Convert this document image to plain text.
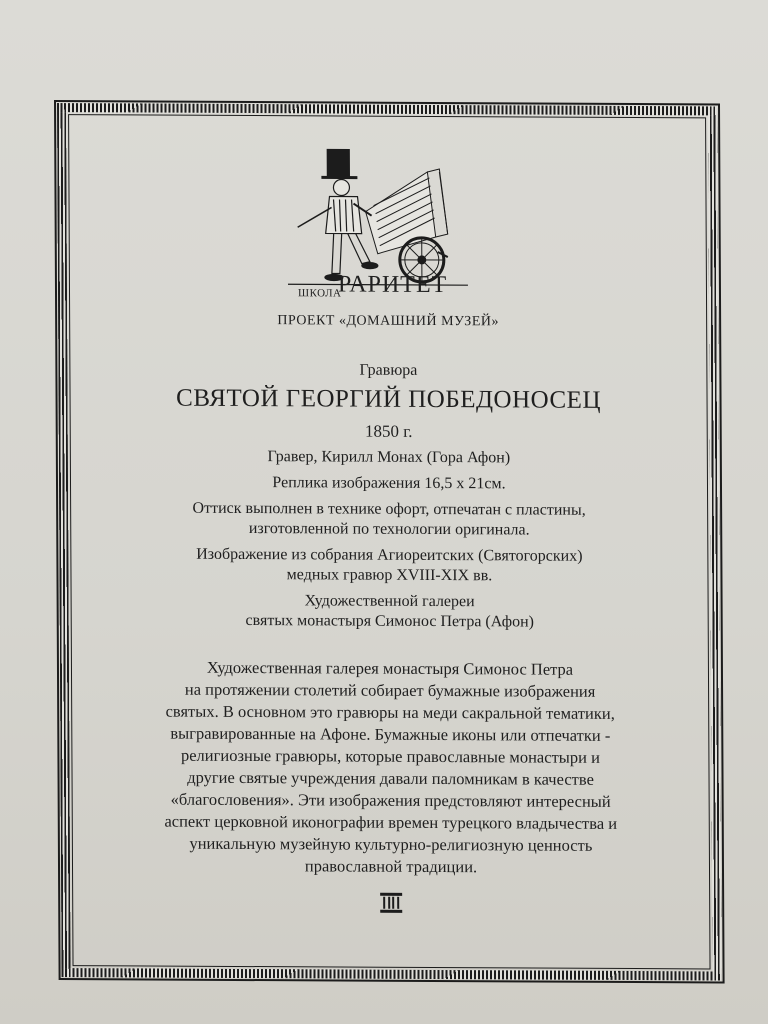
ШКОЛА
РАРИТЕТ
ПРОЕКТ «ДОМАШНИЙ МУЗЕЙ»
Гравюра
СВЯТОЙ ГЕОРГИЙ ПОБЕДОНОСЕЦ
1850 г.
Гравер, Кирилл Монах (Гора Афон)
Реплика изображения 16,5 х 21см.
Оттиск выполнен в технике офорт, отпечатан с пластины,
изготовленной по технологии оригинала.
Изображение из собрания Агиореитских (Святогорских)
медных гравюр XVIII-XIX вв.
Художественной галереи
святых монастыря Симонос Петра (Афон)
Художественная галерея монастыря Симонос Петра
на протяжении столетий собирает бумажные изображения
святых. В основном это гравюры на меди сакральной тематики,
выгравированные на Афоне. Бумажные иконы или отпечатки -
религиозные гравюры, которые православные монастыри и
другие святые учреждения давали паломникам в качестве
«благословения». Эти изображения предстовляют интересный
аспект церковной иконографии времен турецкого владычества и
уникальную музейную культурно-религиозную ценность
православной традиции.
